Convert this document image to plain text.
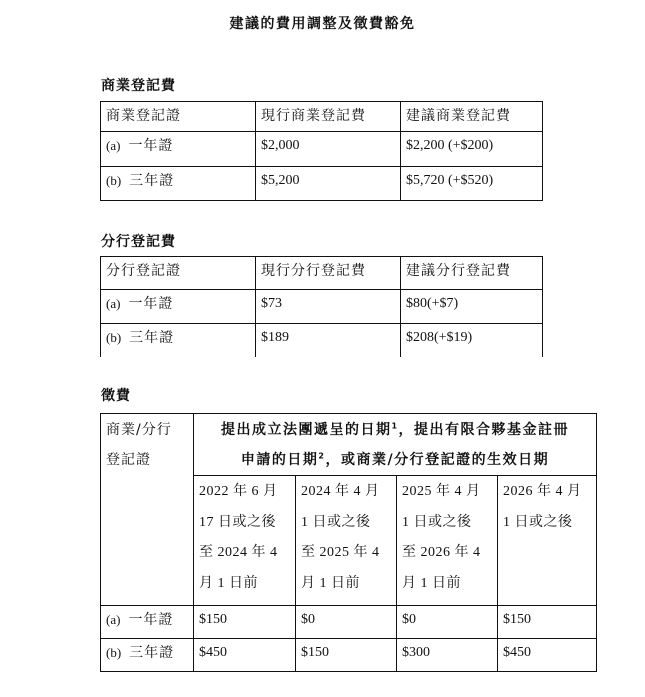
建議的費用調整及徵費豁免
商業登記費
商業登記證	現行商業登記費	建議商業登記費
(a) 一年證	$2,000	$2,200 (+$200)
(b) 三年證	$5,200	$5,720 (+$520)
分行登記費
分行登記證	現行分行登記費	建議分行登記費
(a) 一年證	$73	$80(+$7)
(b) 三年證	$189	$208(+$19)
徵費
商業/分行
登記證

提出成立法團遞呈的日期$^1$，提出有限合夥基金註冊
申請的日期$^2$，或商業/分行登記證的生效日期

2022 年 6 月
17 日或之後
至 2024 年 4
月 1 日前

2024 年 4 月
1 日或之後
至 2025 年 4
月 1 日前

2025 年 4 月
1 日或之後
至 2026 年 4
月 1 日前

2026 年 4 月
1 日或之後

(a) 一年證	$150	$0	$0	$150
(b) 三年證	$450	$150	$300	$450
